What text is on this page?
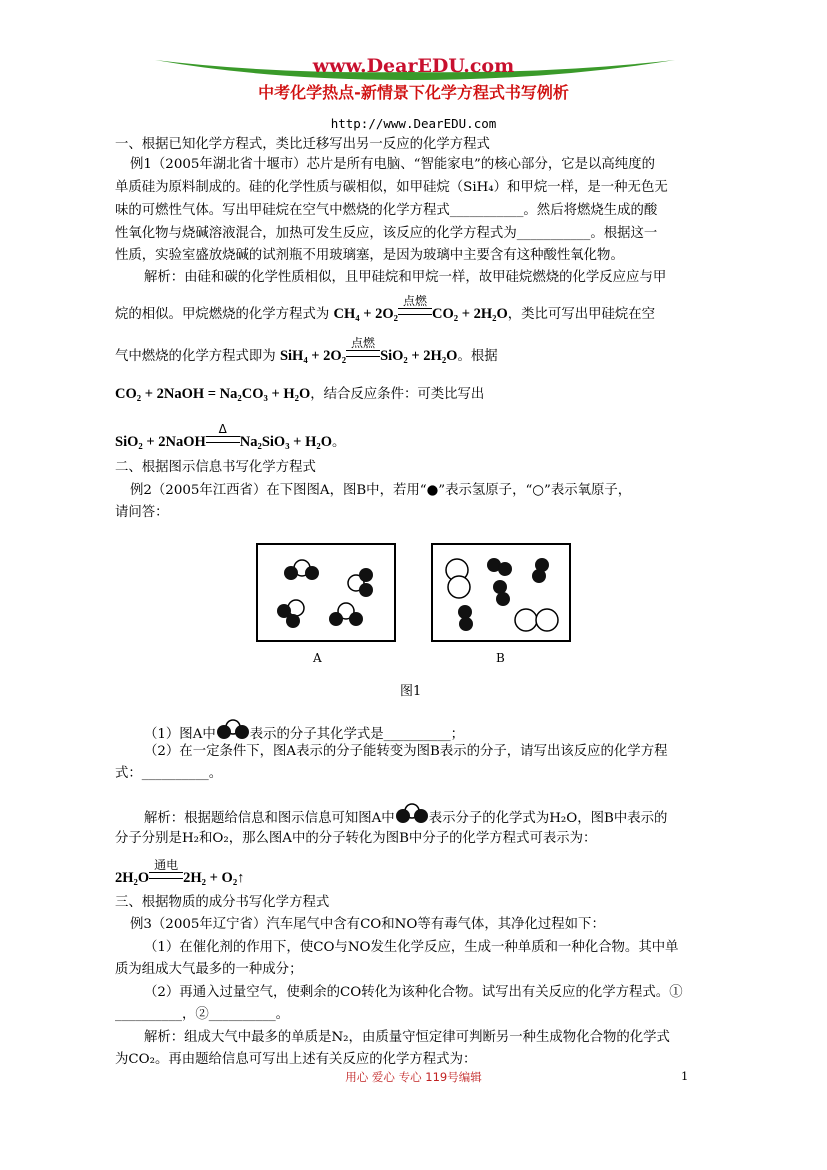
www.DearEDU.com
中考化学热点-新情景下化学方程式书写例析
http://www.DearEDU.com
一、根据已知化学方程式，类比迁移写出另一反应的化学方程式
例1（2005年湖北省十堰市）芯片是所有电脑、“智能家电”的核心部分，它是以高纯度的
单质硅为原料制成的。硅的化学性质与碳相似，如甲硅烷（SiH₄）和甲烷一样，是一种无色无
味的可燃性气体。写出甲硅烷在空气中燃烧的化学方程式___________。然后将燃烧生成的酸
性氧化物与烧碱溶液混合，加热可发生反应，该反应的化学方程式为___________。根据这一
性质，实验室盛放烧碱的试剂瓶不用玻璃塞，是因为玻璃中主要含有这种酸性氧化物。
解析：由硅和碳的化学性质相似，且甲硅烷和甲烷一样，故甲硅烷燃烧的化学反应应与甲
烷的相似。甲烷燃烧的化学方程式为 CH₄ + 2O₂
点燃
CO₂ + 2H₂O，类比可写出甲硅烷在空
气中燃烧的化学方程式即为 SiH₄ + 2O₂
点燃
SiO₂ + 2H₂O。根据
CO₂ + 2NaOH = Na₂CO₃ + H₂O，结合反应条件：可类比写出
SiO₂ + 2NaOH
Δ
Na₂SiO₃ + H₂O。
二、根据图示信息书写化学方程式
例2（2005年江西省）在下图图A，图B中，若用“●”表示氢原子，“○”表示氧原子，
请问答：
A	B
图1
（1）图A中	表示的分子其化学式是__________；
（2）在一定条件下，图A表示的分子能转变为图B表示的分子，请写出该反应的化学方程
式：__________。
解析：根据题给信息和图示信息可知图A中	表示分子的化学式为H₂O，图B中表示的
分子分别是H₂和O₂，那么图A中的分子转化为图B中分子的化学方程式可表示为：
2H₂O
通电
2H₂ + O₂↑
三、根据物质的成分书写化学方程式
例3（2005年辽宁省）汽车尾气中含有CO和NO等有毒气体，其净化过程如下：
（1）在催化剂的作用下，使CO与NO发生化学反应，生成一种单质和一种化合物。其中单
质为组成大气最多的一种成分；
（2）再通入过量空气，使剩余的CO转化为该种化合物。试写出有关反应的化学方程式。①
__________，②__________。
解析：组成大气中最多的单质是N₂，由质量守恒定律可判断另一种生成物化合物的化学式
为CO₂。再由题给信息可写出上述有关反应的化学方程式为：
用心 爱心 专心 119号编辑	1
